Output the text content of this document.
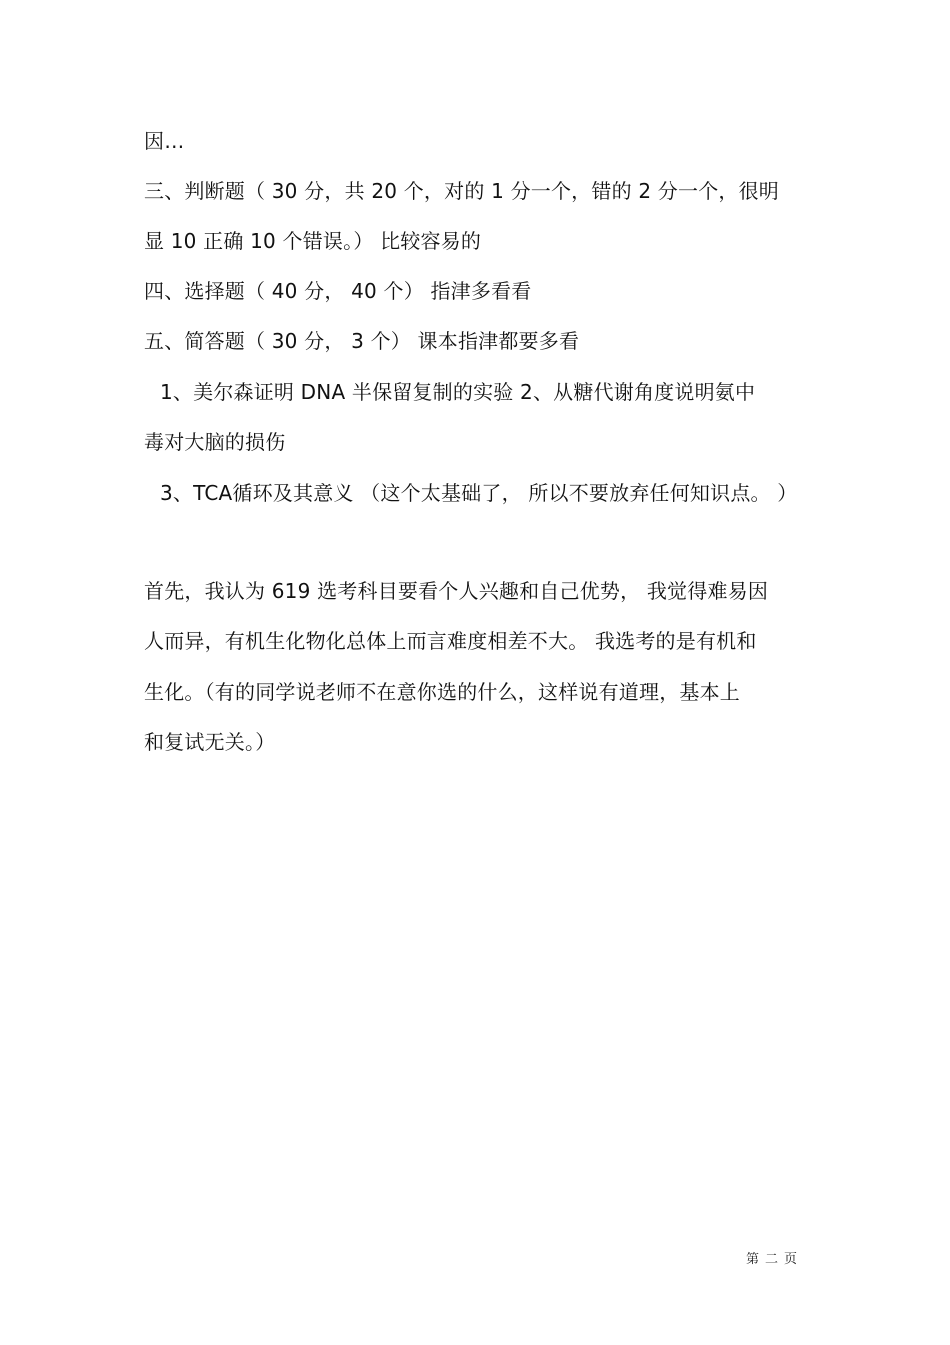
因…
三、判断题（ 30 分，共 20 个，对的 1 分一个，错的 2 分一个，很明
显 10 正确 10 个错误。） 比较容易的
四、选择题（ 40 分， 40 个） 指津多看看
五、简答题（ 30 分， 3 个） 课本指津都要多看
1、美尔森证明 DNA 半保留复制的实验 2、从糖代谢角度说明氨中
毒对大脑的损伤
3、TCA循环及其意义 （这个太基础了， 所以不要放弃任何知识点。 ）
首先，我认为 619 选考科目要看个人兴趣和自己优势， 我觉得难易因
人而异，有机生化物化总体上而言难度相差不大。 我选考的是有机和
生化。（有的同学说老师不在意你选的什么，这样说有道理，基本上
和复试无关。）
第二页
